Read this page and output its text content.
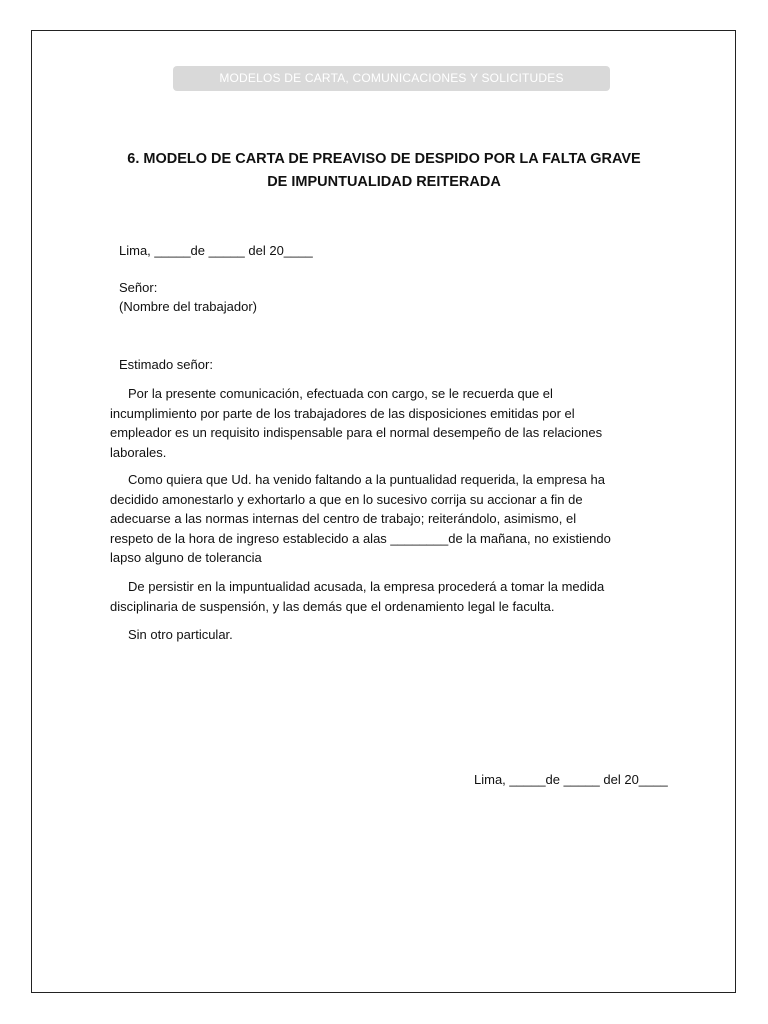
MODELOS DE CARTA, COMUNICACIONES Y SOLICITUDES
6. MODELO DE CARTA DE PREAVISO DE DESPIDO POR LA FALTA GRAVE
DE IMPUNTUALIDAD REITERADA
Lima, _____de _____ del 20____
Señor:
(Nombre del trabajador)
Estimado señor:
Por la presente comunicación, efectuada con cargo, se le recuerda que el
incumplimiento por parte de los trabajadores de las disposiciones emitidas por el
empleador es un requisito indispensable para el normal desempeño de las relaciones
laborales.
Como quiera que Ud. ha venido faltando a la puntualidad requerida, la empresa ha
decidido amonestarlo y exhortarlo a que en lo sucesivo corrija su accionar a fin de
adecuarse a las normas internas del centro de trabajo; reiterándolo, asimismo, el
respeto de la hora de ingreso establecido a alas ________de la mañana, no existiendo
lapso alguno de tolerancia
De persistir en la impuntualidad acusada, la empresa procederá a tomar la medida
disciplinaria de suspensión, y las demás que el ordenamiento legal le faculta.
Sin otro particular.
Lima, _____de _____ del 20____
